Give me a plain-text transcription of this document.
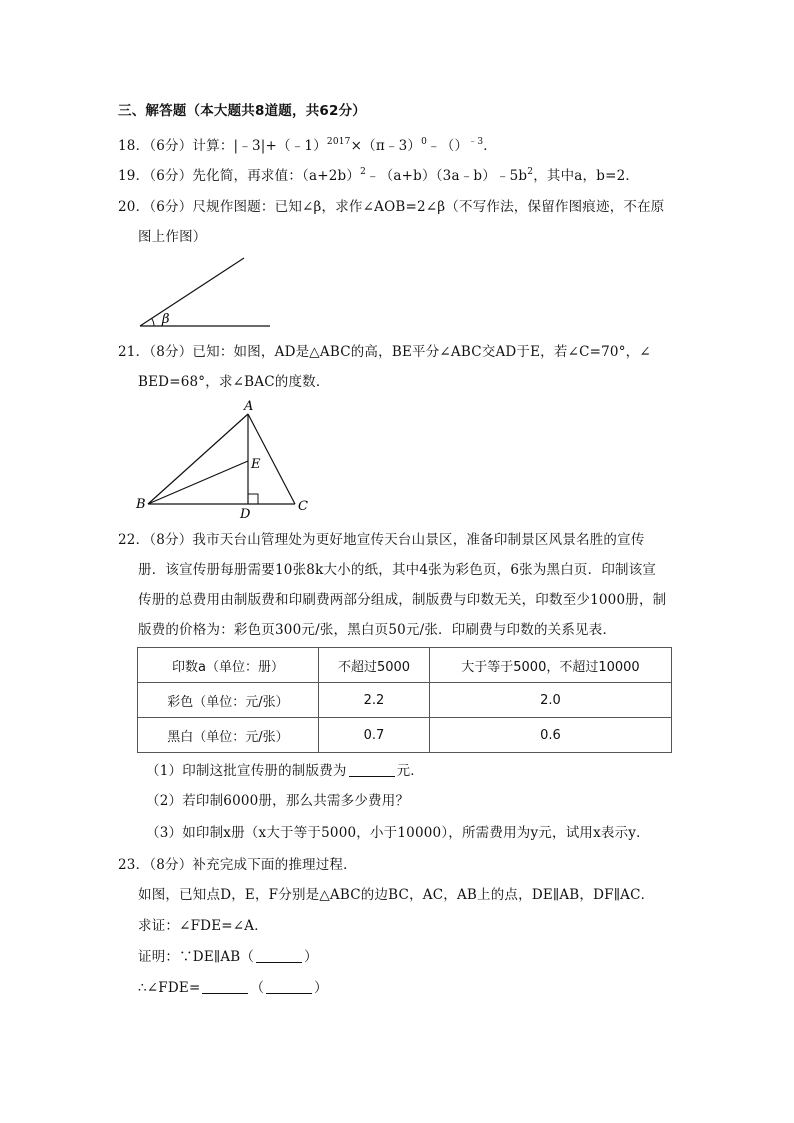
三、解答题（本大题共8道题，共62分）
18．（6分）计算：|﹣3|+（﹣1）$^{2017}$×（π﹣3）$^0$﹣（）$^{﹣3}$．
19．（6分）先化简，再求值：$(a+2b)^2﹣(a+b)(3a﹣b)﹣5b^2$，其中a，b=2．
20．（6分）尺规作图题：已知∠β，求作∠AOB=2∠β（不写作法，保留作图痕迹，不在原
图上作图）
β
21．（8分）已知：如图，AD是△ABC的高，BE平分∠ABC交AD于E，若∠C=70°，∠
BED=68°，求∠BAC的度数．
A
B	C
D
E
22．（8分）我市天台山管理处为更好地宣传天台山景区，准备印制景区风景名胜的宣传
册．该宣传册每册需要10张8k大小的纸，其中4张为彩色页，6张为黑白页．印制该宣
传册的总费用由制版费和印刷费两部分组成，制版费与印数无关，印数至少1000册，制
版费的价格为：彩色页300元/张，黑白页50元/张．印刷费与印数的关系见表．
印数a（单位：册）	不超过5000	大于等于5000，不超过10000
彩色（单位：元/张）	2.2	2.0
黑白（单位：元/张）	0.7	0.6
（1）印制这批宣传册的制版费为	元．
（2）若印制6000册，那么共需多少费用？
（3）如印制x册（x大于等于5000，小于10000），所需费用为y元，试用x表示y．
23．（8分）补充完成下面的推理过程．
如图，已知点D，E，F分别是△ABC的边BC，AC，AB上的点，DE∥AB，DF∥AC．
求证：∠FDE=∠A．
证明：∵DE∥AB（	）
∴∠FDE=	（	）
